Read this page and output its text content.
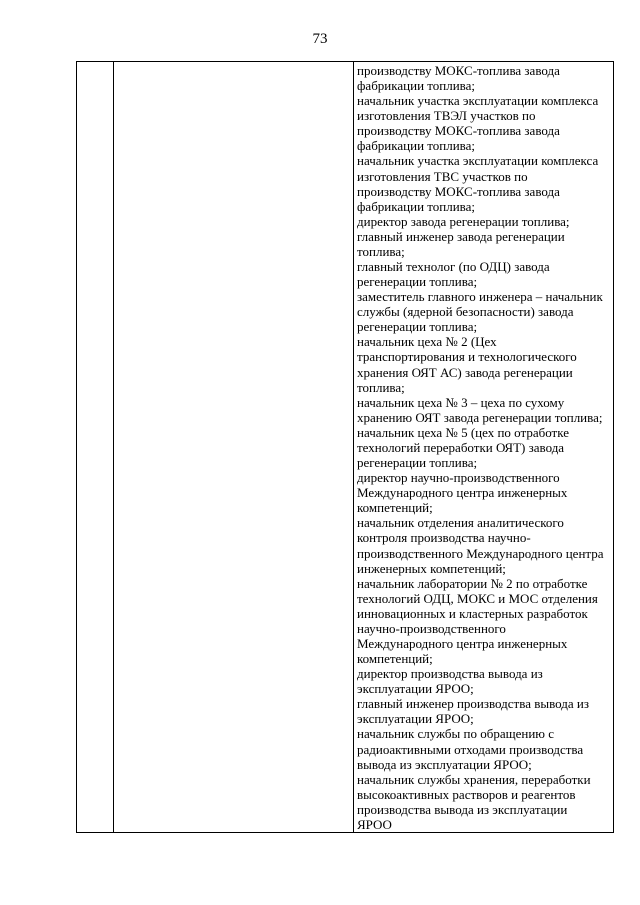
73

производству МОКС-топлива завода
фабрикации топлива;
начальник участка эксплуатации комплекса
изготовления ТВЭЛ участков по
производству МОКС-топлива завода
фабрикации топлива;
начальник участка эксплуатации комплекса
изготовления ТВС участков по
производству МОКС-топлива завода
фабрикации топлива;
директор завода регенерации топлива;
главный инженер завода регенерации
топлива;
главный технолог (по ОДЦ) завода
регенерации топлива;
заместитель главного инженера – начальник
службы (ядерной безопасности) завода
регенерации топлива;
начальник цеха № 2 (Цех
транспортирования и технологического
хранения ОЯТ АС) завода регенерации
топлива;
начальник цеха № 3 – цеха по сухому
хранению ОЯТ завода регенерации топлива;
начальник цеха № 5 (цех по отработке
технологий переработки ОЯТ) завода
регенерации топлива;
директор научно-производственного
Международного центра инженерных
компетенций;
начальник отделения аналитического
контроля производства научно-
производственного Международного центра
инженерных компетенций;
начальник лаборатории № 2 по отработке
технологий ОДЦ, МОКС и МОС отделения
инновационных и кластерных разработок
научно-производственного
Международного центра инженерных
компетенций;
директор производства вывода из
эксплуатации ЯРОО;
главный инженер производства вывода из
эксплуатации ЯРОО;
начальник службы по обращению с
радиоактивными отходами производства
вывода из эксплуатации ЯРОО;
начальник службы хранения, переработки
высокоактивных растворов и реагентов
производства вывода из эксплуатации
ЯРОО
